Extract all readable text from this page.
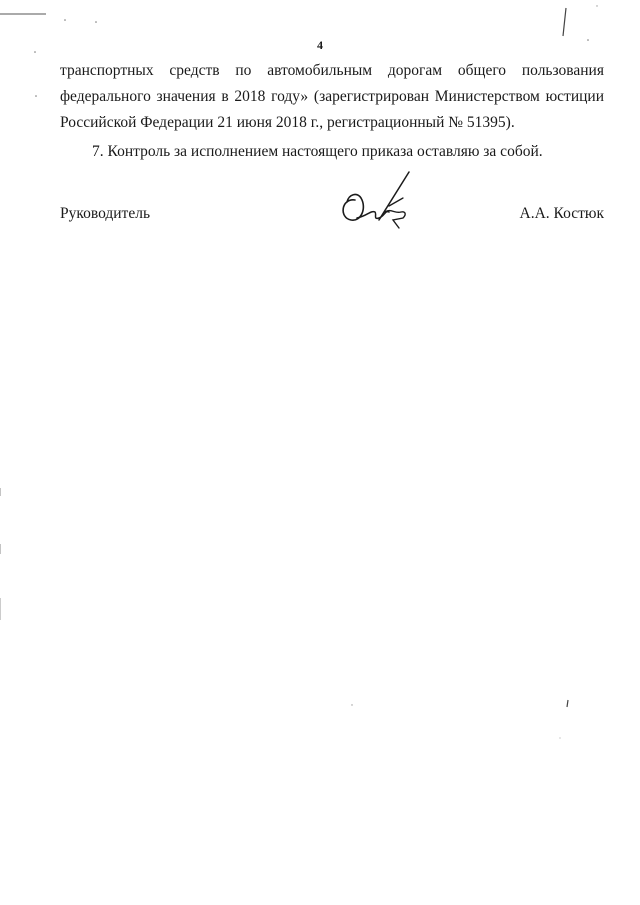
4

транспортных средств по автомобильным дорогам общего пользования

федерального значения в 2018 году» (зарегистрирован Министерством юстиции

Российской Федерации 21 июня 2018 г., регистрационный № 51395).

7. Контроль за исполнением настоящего приказа оставляю за собой.

Руководитель	А.А. Костюк
